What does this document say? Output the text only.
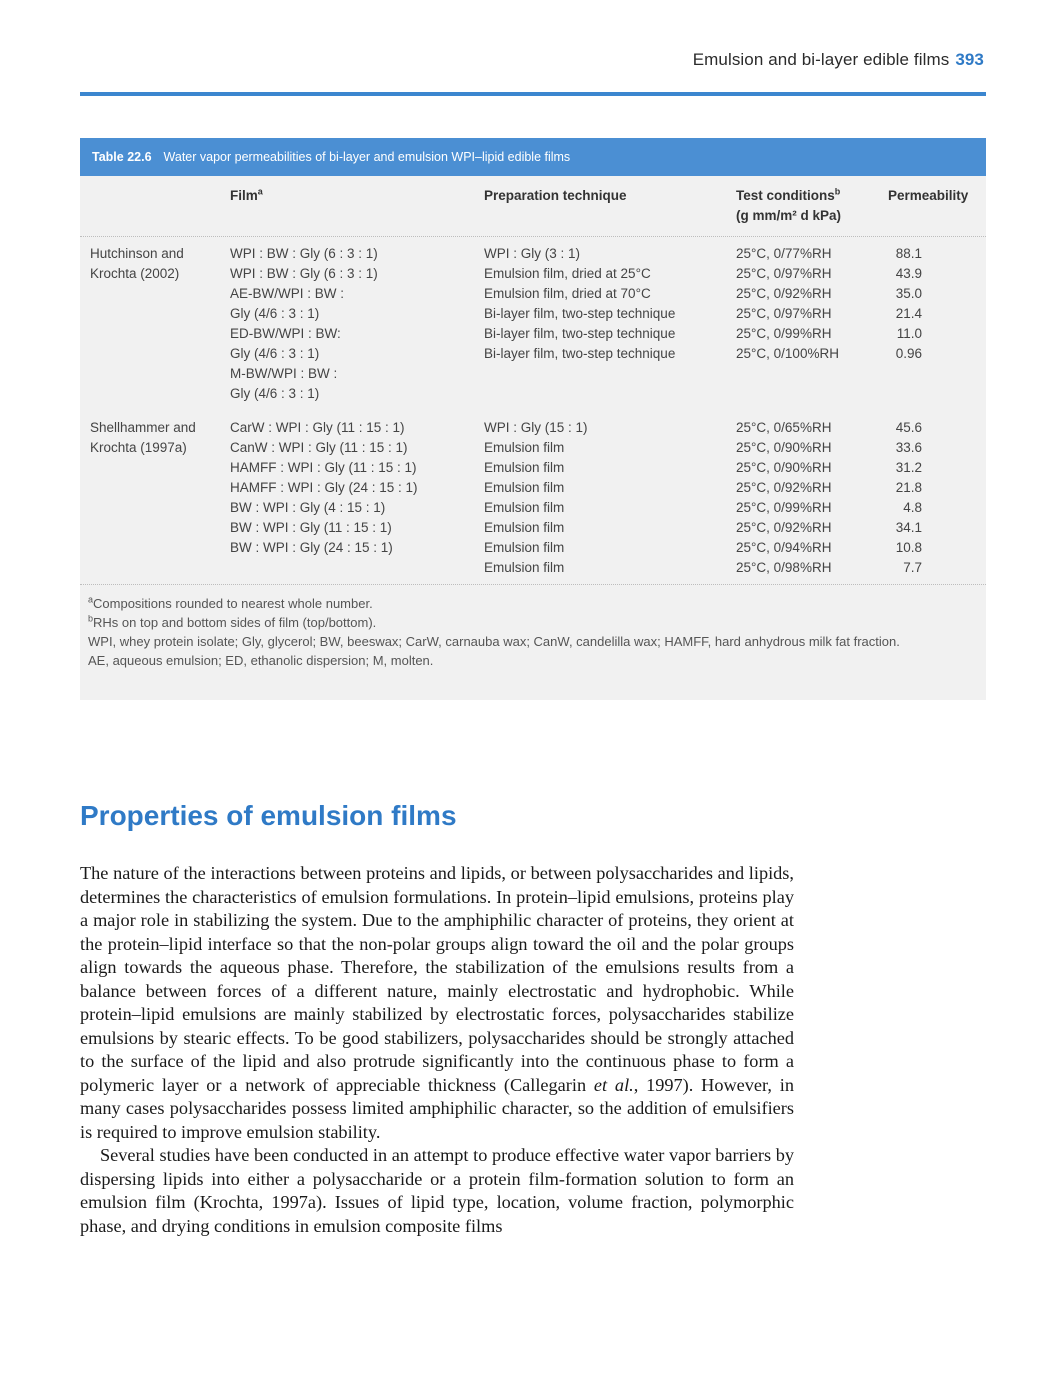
Emulsion and bi-layer edible films 393
Table 22.6 Water vapor permeabilities of bi-layer and emulsion WPI–lipid edible films
Film$^a$	Preparation technique	Test conditions$^b$
(g mm/m² d kPa)
Permeability
Hutchinson and
Krochta (2002)
WPI : BW : Gly (6 : 3 : 1)
WPI : BW : Gly (6 : 3 : 1)
AE-BW/WPI : BW :
Gly (4/6 : 3 : 1)
ED-BW/WPI : BW:
Gly (4/6 : 3 : 1)
M-BW/WPI : BW :
Gly (4/6 : 3 : 1)
WPI : Gly (3 : 1)
Emulsion film, dried at 25°C
Emulsion film, dried at 70°C
Bi-layer film, two-step technique
Bi-layer film, two-step technique
Bi-layer film, two-step technique
25°C, 0/77%RH
25°C, 0/97%RH
25°C, 0/92%RH
25°C, 0/97%RH
25°C, 0/99%RH
25°C, 0/100%RH
88.1
43.9
35.0
21.4
11.0
0.96
Shellhammer and
Krochta (1997a)
CarW : WPI : Gly (11 : 15 : 1)
CanW : WPI : Gly (11 : 15 : 1)
HAMFF : WPI : Gly (11 : 15 : 1)
HAMFF : WPI : Gly (24 : 15 : 1)
BW : WPI : Gly (4 : 15 : 1)
BW : WPI : Gly (11 : 15 : 1)
BW : WPI : Gly (24 : 15 : 1)
WPI : Gly (15 : 1)
Emulsion film
Emulsion film
Emulsion film
Emulsion film
Emulsion film
Emulsion film
Emulsion film
25°C, 0/65%RH
25°C, 0/90%RH
25°C, 0/90%RH
25°C, 0/92%RH
25°C, 0/99%RH
25°C, 0/92%RH
25°C, 0/94%RH
25°C, 0/98%RH
45.6
33.6
31.2
21.8
4.8
34.1
10.8
7.7
$^a$Compositions rounded to nearest whole number.
$^b$RHs on top and bottom sides of film (top/bottom).
WPI, whey protein isolate; Gly, glycerol; BW, beeswax; CarW, carnauba wax; CanW, candelilla wax; HAMFF, hard anhydrous milk fat fraction.
AE, aqueous emulsion; ED, ethanolic dispersion; M, molten.
Properties of emulsion films

The nature of the interactions between proteins and lipids, or between polysaccharides and lipids, determines the characteristics of emulsion formulations. In protein–lipid emulsions, proteins play a major role in stabilizing the system. Due to the amphiphilic character of proteins, they orient at the protein–lipid interface so that the non-polar groups align toward the oil and the polar groups align towards the aqueous phase. Therefore, the stabilization of the emulsions results from a balance between forces of a different nature, mainly electrostatic and hydrophobic. While protein–lipid emulsions are mainly stabilized by electrostatic forces, polysaccharides stabilize emulsions by stearic effects. To be good stabilizers, polysaccharides should be strongly attached to the surface of the lipid and also protrude significantly into the continuous phase to form a polymeric layer or a network of appreciable thickness (Callegarin et al., 1997). However, in many cases polysaccharides possess limited amphiphilic character, so the addition of emulsifiers is required to improve emulsion stability.

Several studies have been conducted in an attempt to produce effective water vapor barriers by dispersing lipids into either a polysaccharide or a protein film-formation solution to form an emulsion film (Krochta, 1997a). Issues of lipid type, location, volume fraction, polymorphic phase, and drying conditions in emulsion composite films
